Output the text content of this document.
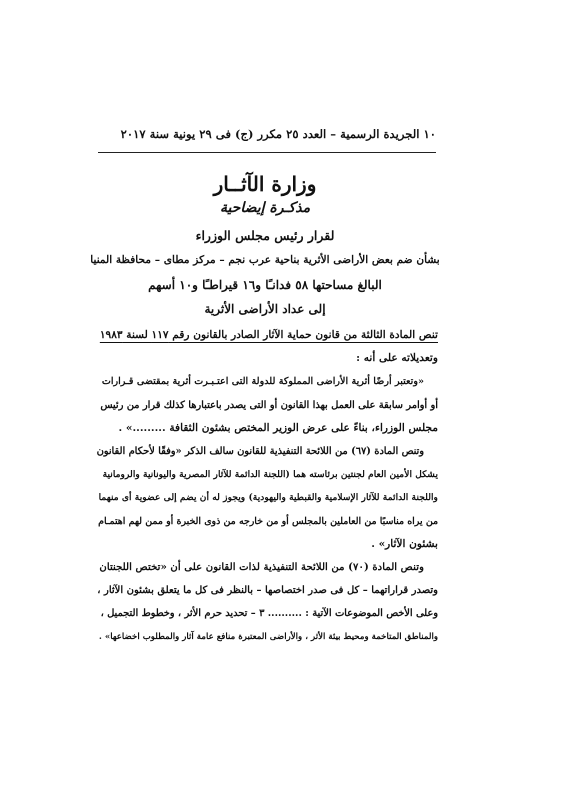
١٠ الجريدة الرسمية – العدد ٢٥ مكرر (ج) فى ٢٩ يونية سنة ٢٠١٧
وزارة الآثــار
مذكـرة إيضاحية
لقرار رئيس مجلس الوزراء
بشأن ضم بعض الأراضى الأثرية بناحية عرب نجم – مركز مطاى – محافظة المنيا
البالغ مساحتها ٥٨ فدانـًا و١٦ قيراطـًا و١٠ أسهم
إلى عداد الأراضى الأثرية

تنص المادة الثالثة من قانون حماية الآثار الصادر بالقانون رقم ١١٧ لسنة ١٩٨٣

وتعديلاته على أنه :

«وتعتبر أرضًا أثرية الأراضى المملوكة للدولة التى اعتـبـرت أثرية بمقتضى قـرارات

أو أوامر سابقة على العمل بهذا القانون أو التى يصدر باعتبارها كذلك قرار من رئيس

مجلس الوزراء، بناءً على عرض الوزير المختص بشئون الثقافة .........» .

وتنص المادة (٦٧) من اللائحة التنفيذية للقانون سالف الذكر «وفقًا لأحكام القانون

يشكل الأمين العام لجنتين برئاسته هما (اللجنة الدائمة للآثار المصرية واليونانية والرومانية

واللجنة الدائمة للآثار الإسلامية والقبطية واليهودية) ويجوز له أن يضم إلى عضوية أى منهما

من يراه مناسبًا من العاملين بالمجلس أو من خارجه من ذوى الخبرة أو ممن لهم اهتمـام

بشئون الآثار» .

وتنص المادة (٧٠) من اللائحة التنفيذية لذات القانون على أن «تختص اللجنتان

وتصدر قراراتهما – كل فى صدر اختصاصها – بالنظر فى كل ما يتعلق بشئون الآثار ،

وعلى الأخص الموضوعات الآتية : .......... ٣ – تحديد حرم الأثر ، وخطوط التجميل ،

والمناطق المتاخمة ومحيط بيئة الأثر ، والأراضى المعتبرة منافع عامة آثار والمطلوب اخضاعها» .
